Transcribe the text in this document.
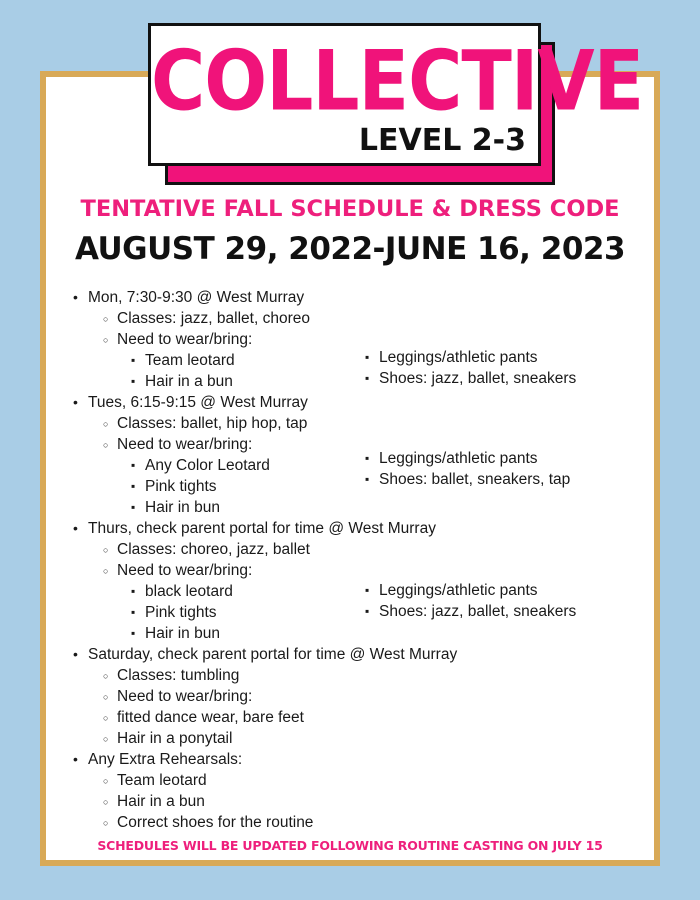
COLLECTIVE
LEVEL 2-3
TENTATIVE FALL SCHEDULE & DRESS CODE
AUGUST 29, 2022-JUNE 16, 2023
• Mon, 7:30-9:30 @ West Murray
○ Classes: jazz, ballet, choreo
○ Need to wear/bring:
▪ Team leotard
▪ Hair in a bun
▪ Leggings/athletic pants
▪ Shoes: jazz, ballet, sneakers
• Tues, 6:15-9:15 @ West Murray
○ Classes: ballet, hip hop, tap
○ Need to wear/bring:
▪ Any Color Leotard
▪ Pink tights
▪ Hair in bun
▪ Leggings/athletic pants
▪ Shoes: ballet, sneakers, tap
• Thurs, check parent portal for time @ West Murray
○ Classes: choreo, jazz, ballet
○ Need to wear/bring:
▪ black leotard
▪ Pink tights
▪ Hair in bun
▪ Leggings/athletic pants
▪ Shoes: jazz, ballet, sneakers
• Saturday, check parent portal for time @ West Murray
○ Classes: tumbling
○ Need to wear/bring:
○ fitted dance wear, bare feet
○ Hair in a ponytail
• Any Extra Rehearsals:
○ Team leotard
○ Hair in a bun
○ Correct shoes for the routine
SCHEDULES WILL BE UPDATED FOLLOWING ROUTINE CASTING ON JULY 15
